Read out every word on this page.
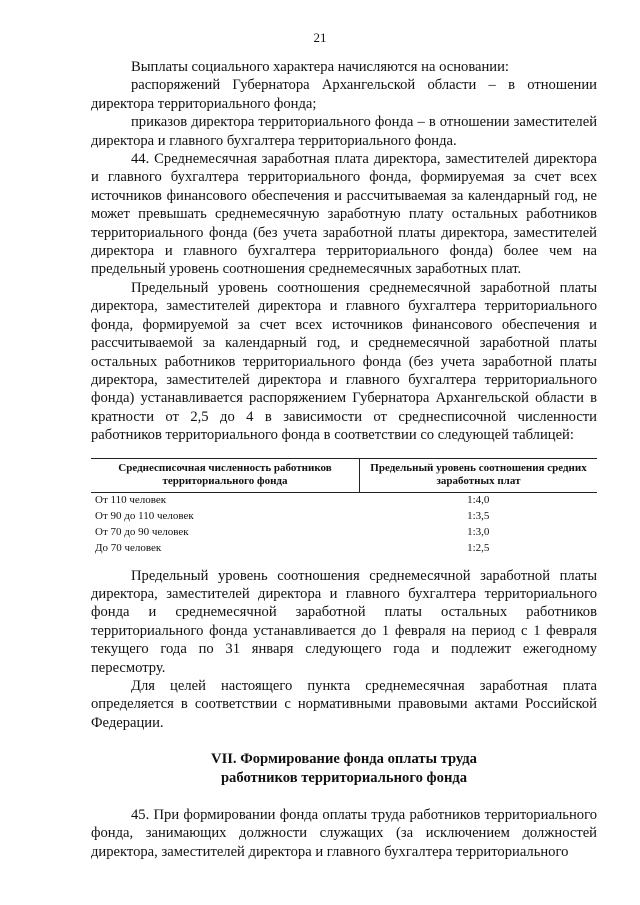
21

Выплаты социального характера начисляются на основании:

распоряжений Губернатора Архангельской области – в отношении директора территориального фонда;

приказов директора территориального фонда – в отношении заместителей директора и главного бухгалтера территориального фонда.

44. Среднемесячная заработная плата директора, заместителей директора и главного бухгалтера территориального фонда, формируемая за счет всех источников финансового обеспечения и рассчитываемая за календарный год, не может превышать среднемесячную заработную плату остальных работников территориального фонда (без учета заработной платы директора, заместителей директора и главного бухгалтера территориального фонда) более чем на предельный уровень соотношения среднемесячных заработных плат.

Предельный уровень соотношения среднемесячной заработной платы директора, заместителей директора и главного бухгалтера территориального фонда, формируемой за счет всех источников финансового обеспечения и рассчитываемой за календарный год, и среднемесячной заработной платы остальных работников территориального фонда (без учета заработной платы директора, заместителей директора и главного бухгалтера территориального фонда) устанавливается распоряжением Губернатора Архангельской области в кратности от 2,5 до 4 в зависимости от среднесписочной численности работников территориального фонда в соответствии со следующей таблицей:

Среднесписочная численность работников территориального фонда	Предельный уровень соотношения средних заработных плат
От 110 человек	1:4,0
От 90 до 110 человек	1:3,5
От 70 до 90 человек	1:3,0
До 70 человек	1:2,5

Предельный уровень соотношения среднемесячной заработной платы директора, заместителей директора и главного бухгалтера территориального фонда и среднемесячной заработной платы остальных работников территориального фонда устанавливается до 1 февраля на период с 1 февраля текущего года по 31 января следующего года и подлежит ежегодному пересмотру.

Для целей настоящего пункта среднемесячная заработная плата определяется в соответствии с нормативными правовыми актами Российской Федерации.

VII. Формирование фонда оплаты труда
работников территориального фонда

45. При формировании фонда оплаты труда работников территориального фонда, занимающих должности служащих (за исключением должностей директора, заместителей директора и главного бухгалтера территориального
